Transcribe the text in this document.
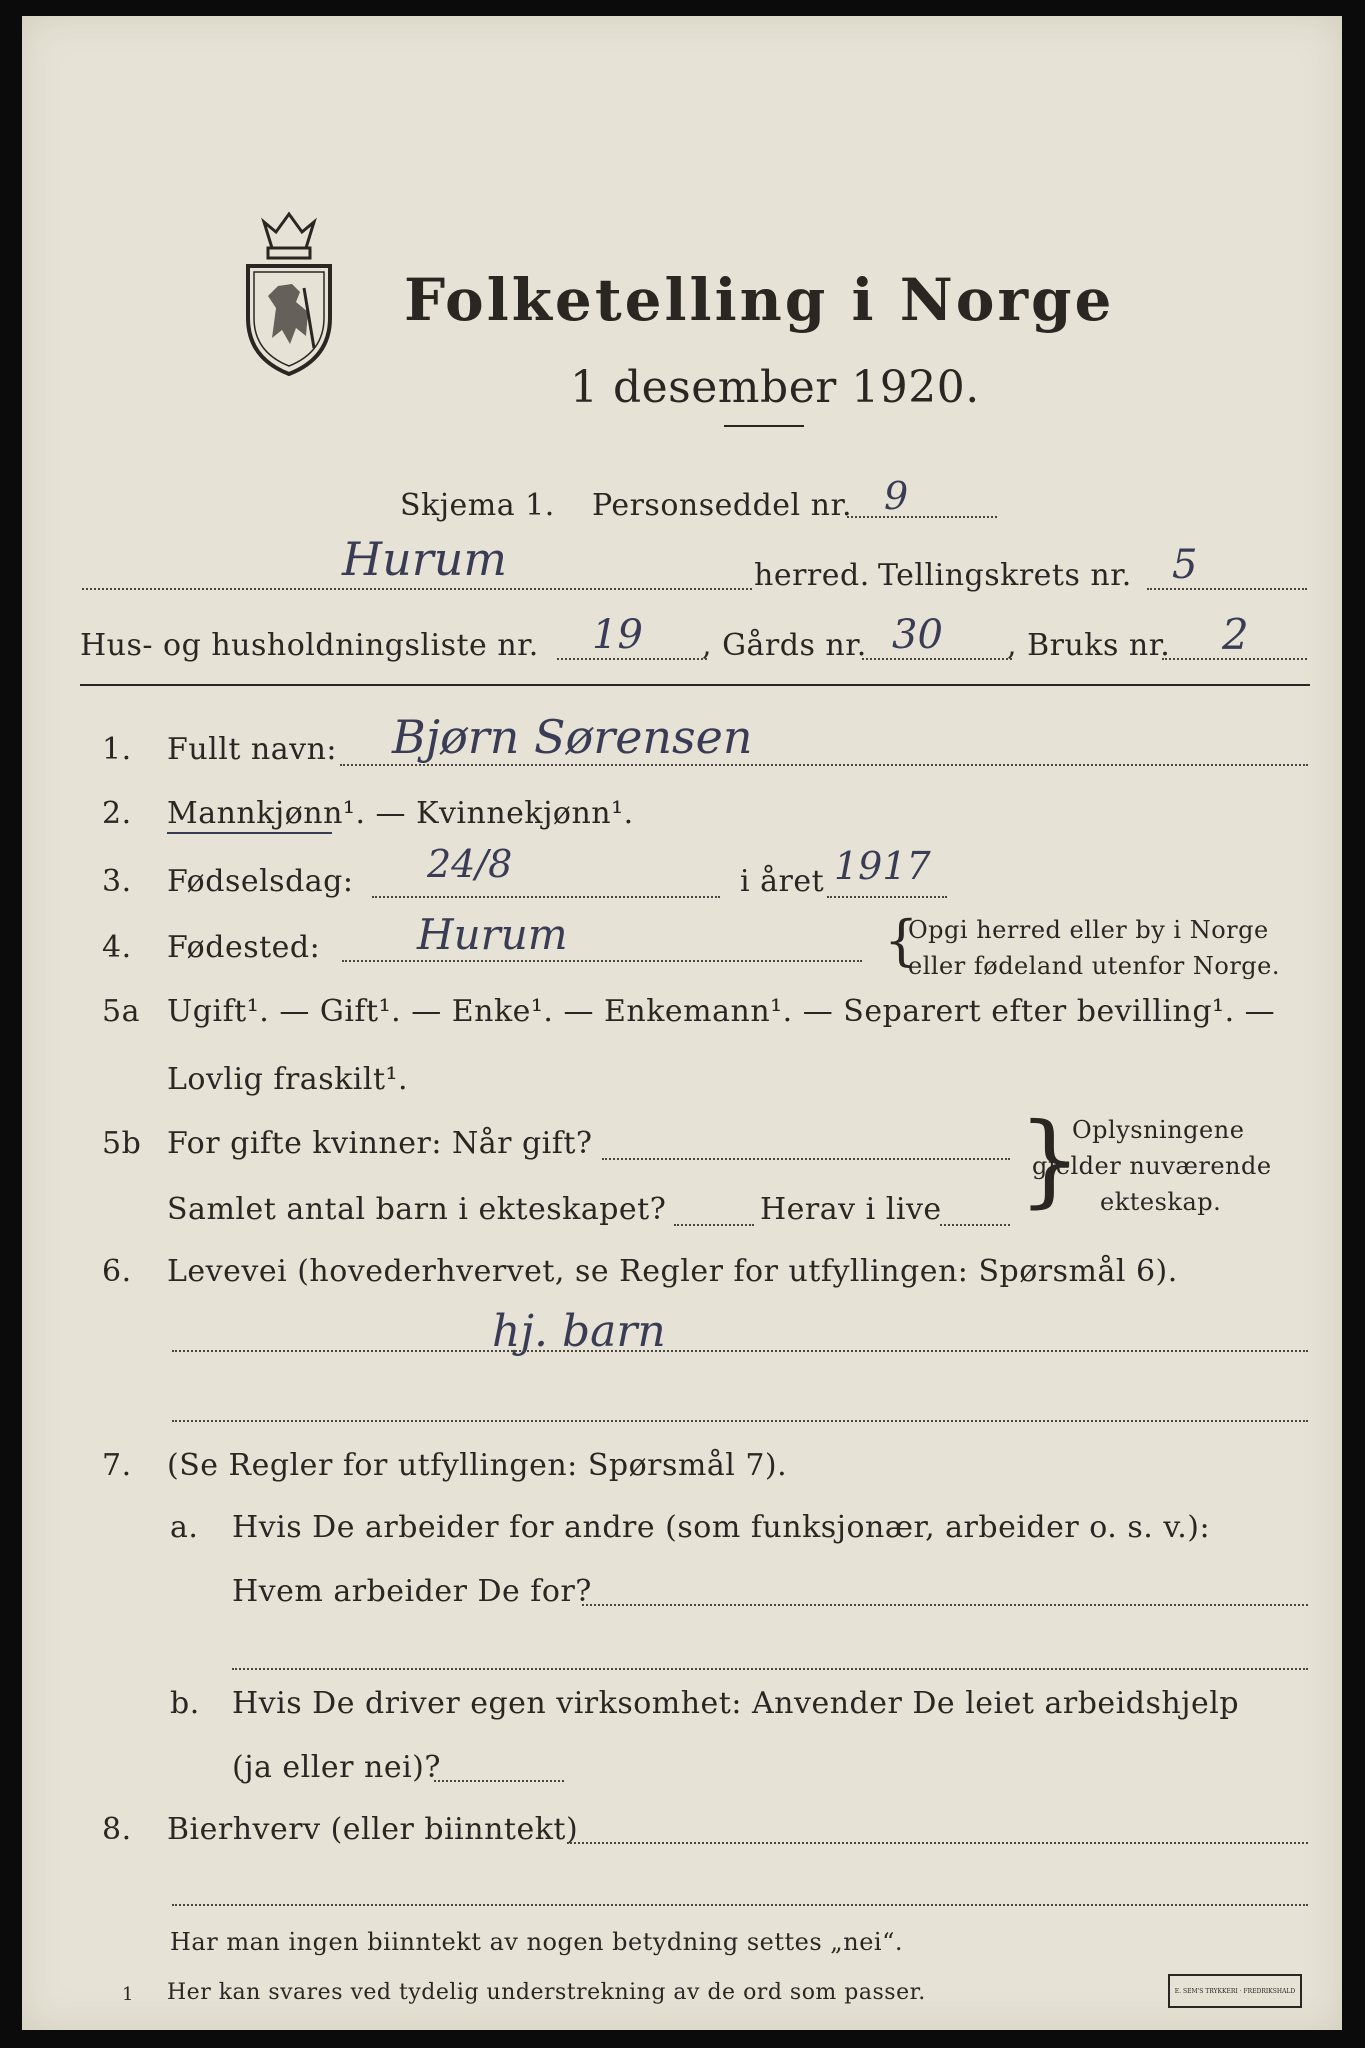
Folketelling i Norge
1 desember 1920.
Skjema 1. Personseddel nr. 9
Hurum	herred. Tellingskrets nr. 5
Hus- og husholdningsliste nr. 19 , Gårds nr. 30 , Bruks nr. 2
1. Fullt navn: Bjørn Sørensen
2. Mannkjønn¹. — Kvinnekjønn¹.
3. Fødselsdag: 24/8	i året 1917
4. Fødested: Hurum	{
Opgi herred eller by i Norge
eller fødeland utenfor Norge.
5a Ugift¹. — Gift¹. — Enke¹. — Enkemann¹. — Separert efter bevilling¹. —
Lovlig fraskilt¹.
5b For gifte kvinner: Når gift?
Samlet antal barn i ekteskapet?	Herav i live }
Oplysningene
gjelder nuværende
ekteskap.
6. Levevei (hovederhvervet, se Regler for utfyllingen: Spørsmål 6).
hj. barn
7. (Se Regler for utfyllingen: Spørsmål 7).
a. Hvis De arbeider for andre (som funksjonær, arbeider o. s. v.):
Hvem arbeider De for?
b. Hvis De driver egen virksomhet: Anvender De leiet arbeidshjelp
(ja eller nei)?
8. Bierhverv (eller biinntekt)
Har man ingen biinntekt av nogen betydning settes „nei“.
1 Her kan svares ved tydelig understrekning av de ord som passer.	E. SEM'S TRYKKERI · FREDRIKSHALD
